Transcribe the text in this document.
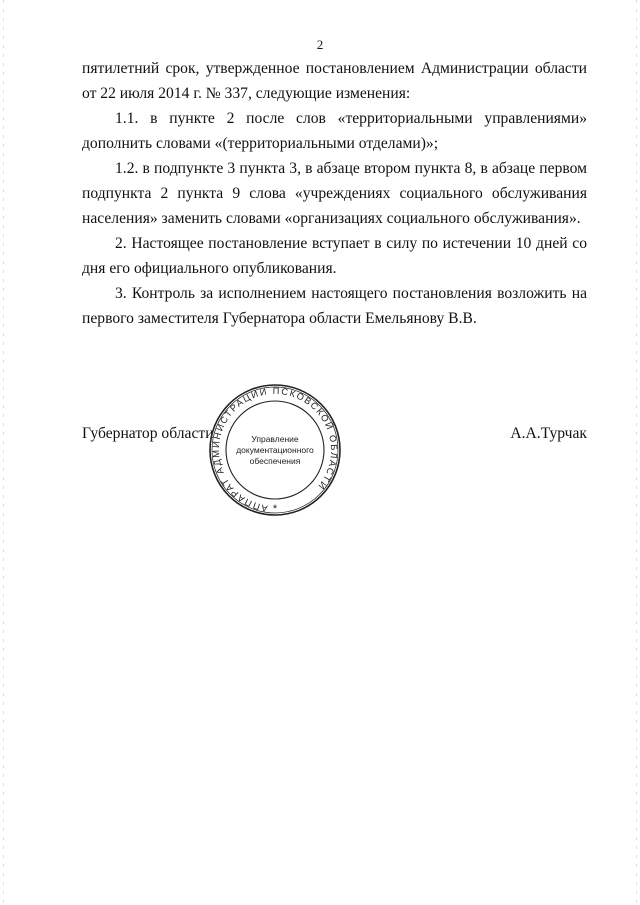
2

пятилетний срок, утвержденное постановлением Администрации области от 22 июля 2014 г. № 337, следующие изменения:

1.1. в пункте 2 после слов «территориальными управлениями» дополнить словами «(территориальными отделами)»;

1.2. в подпункте 3 пункта 3, в абзаце втором пункта 8, в абзаце первом подпункта 2 пункта 9 слова «учреждениях социального обслуживания населения» заменить словами «организациях социального обслуживания».

2. Настоящее постановление вступает в силу по истечении 10 дней со дня его официального опубликования.

3. Контроль за исполнением настоящего постановления возложить на первого заместителя Губернатора области Емельянову В.В.

Губернатор области	А.А.Турчак
АППАРАТ АДМИНИСТРАЦИИ ПСКОВСКОЙ ОБЛАСТИ
Управление
документационного
обеспечения
*
